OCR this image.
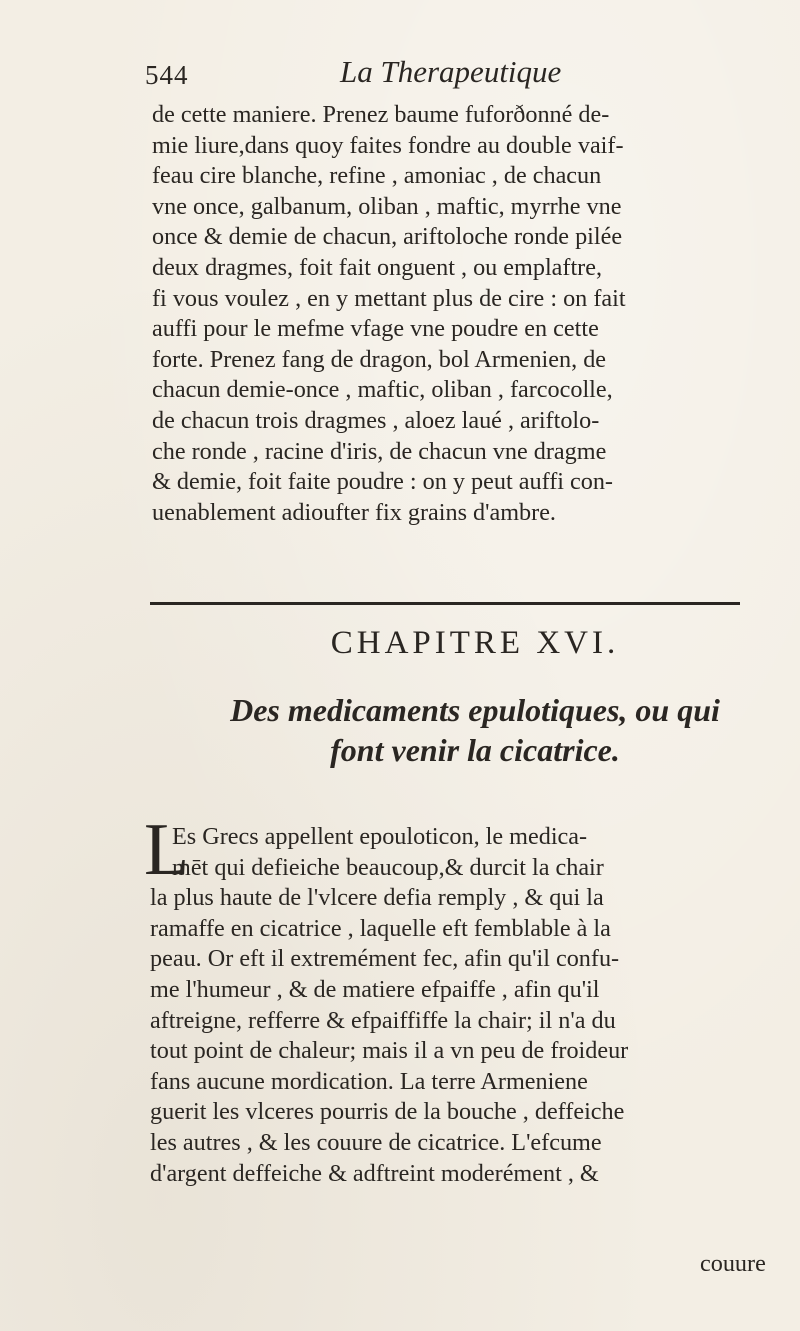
544	La Therapeutique
de cette maniere. Prenez baume fuforðonné de-
mie liure,dans quoy faites fondre au double vaif-
feau cire blanche, refine , amoniac , de chacun
vne once, galbanum, oliban , maftic, myrrhe vne
once & demie de chacun, ariftoloche ronde pilée
deux dragmes, foit fait onguent , ou emplaftre,
fi vous voulez , en y mettant plus de cire : on fait
auffi pour le mefme vfage vne poudre en cette
forte. Prenez fang de dragon, bol Armenien, de
chacun demie-once , maftic, oliban , farcocolle,
de chacun trois dragmes , aloez laué , ariftolo-
che ronde , racine d'iris, de chacun vne dragme
& demie, foit faite poudre : on y peut auffi con-
uenablement adioufter fix grains d'ambre.
CHAPITRE XVI.
Des medicaments epulotiques, ou qui
font venir la cicatrice.
L
Es Grecs appellent epouloticon, le medica-
mēt qui defieiche beaucoup,& durcit la chair
la plus haute de l'vlcere defia remply , & qui la
ramaffe en cicatrice , laquelle eft femblable à la
peau. Or eft il extremément fec, afin qu'il confu-
me l'humeur , & de matiere efpaiffe , afin qu'il
aftreigne, refferre & efpaiffiffe la chair; il n'a du
tout point de chaleur; mais il a vn peu de froideur
fans aucune mordication. La terre Armeniene
guerit les vlceres pourris de la bouche , deffeiche
les autres , & les couure de cicatrice. L'efcume
d'argent deffeiche & adftreint moderément , &
couure
